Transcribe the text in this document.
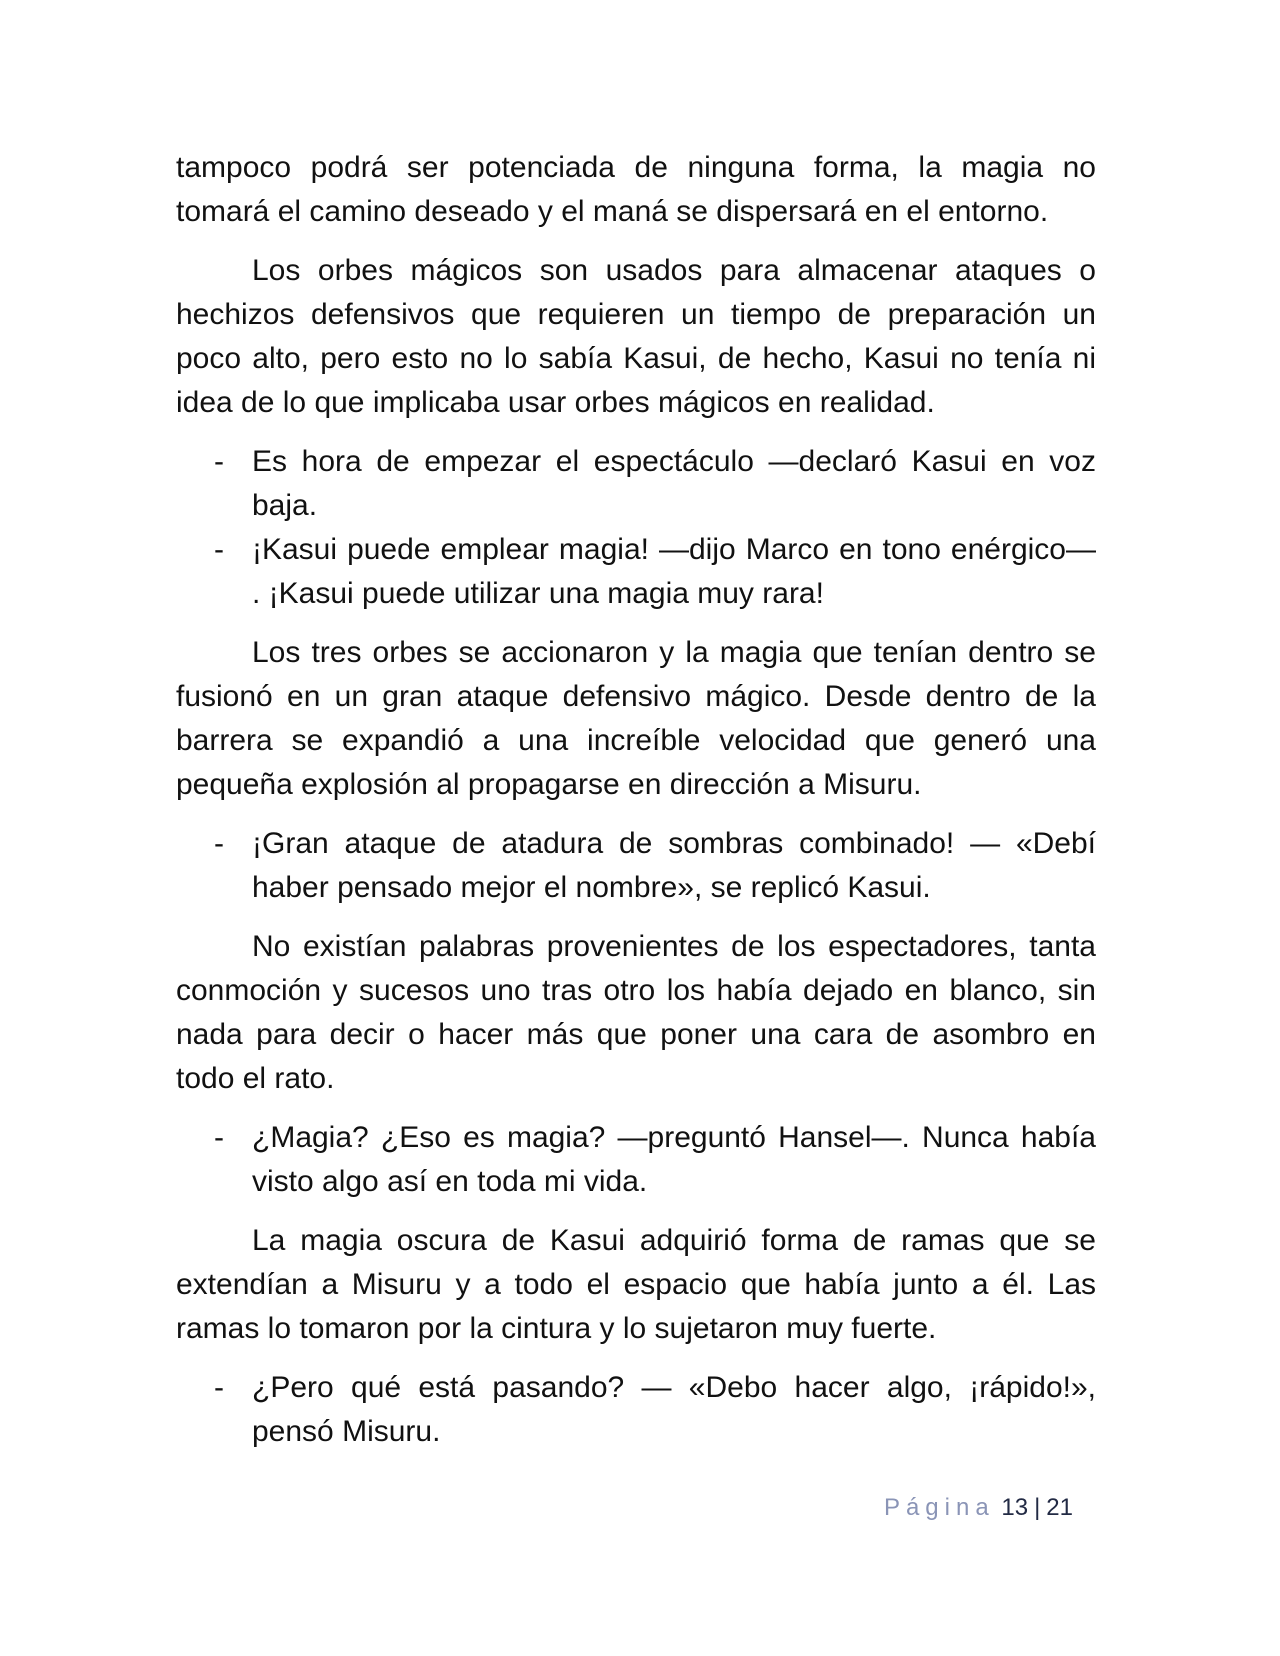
tampoco podrá ser potenciada de ninguna forma, la magia no tomará el camino deseado y el maná se dispersará en el entorno.

Los orbes mágicos son usados para almacenar ataques o hechizos defensivos que requieren un tiempo de preparación un poco alto, pero esto no lo sabía Kasui, de hecho, Kasui no tenía ni idea de lo que implicaba usar orbes mágicos en realidad.

- Es hora de empezar el espectáculo —declaró Kasui en voz baja.
- ¡Kasui puede emplear magia! —dijo Marco en tono enérgico— . ¡Kasui puede utilizar una magia muy rara!

Los tres orbes se accionaron y la magia que tenían dentro se fusionó en un gran ataque defensivo mágico. Desde dentro de la barrera se expandió a una increíble velocidad que generó una pequeña explosión al propagarse en dirección a Misuru.

- ¡Gran ataque de atadura de sombras combinado! — «Debí haber pensado mejor el nombre», se replicó Kasui.

No existían palabras provenientes de los espectadores, tanta conmoción y sucesos uno tras otro los había dejado en blanco, sin nada para decir o hacer más que poner una cara de asombro en todo el rato.

- ¿Magia? ¿Eso es magia? —preguntó Hansel—. Nunca había visto algo así en toda mi vida.

La magia oscura de Kasui adquirió forma de ramas que se extendían a Misuru y a todo el espacio que había junto a él. Las ramas lo tomaron por la cintura y lo sujetaron muy fuerte.

- ¿Pero qué está pasando? — «Debo hacer algo, ¡rápido!», pensó Misuru.
Página 13 | 21
